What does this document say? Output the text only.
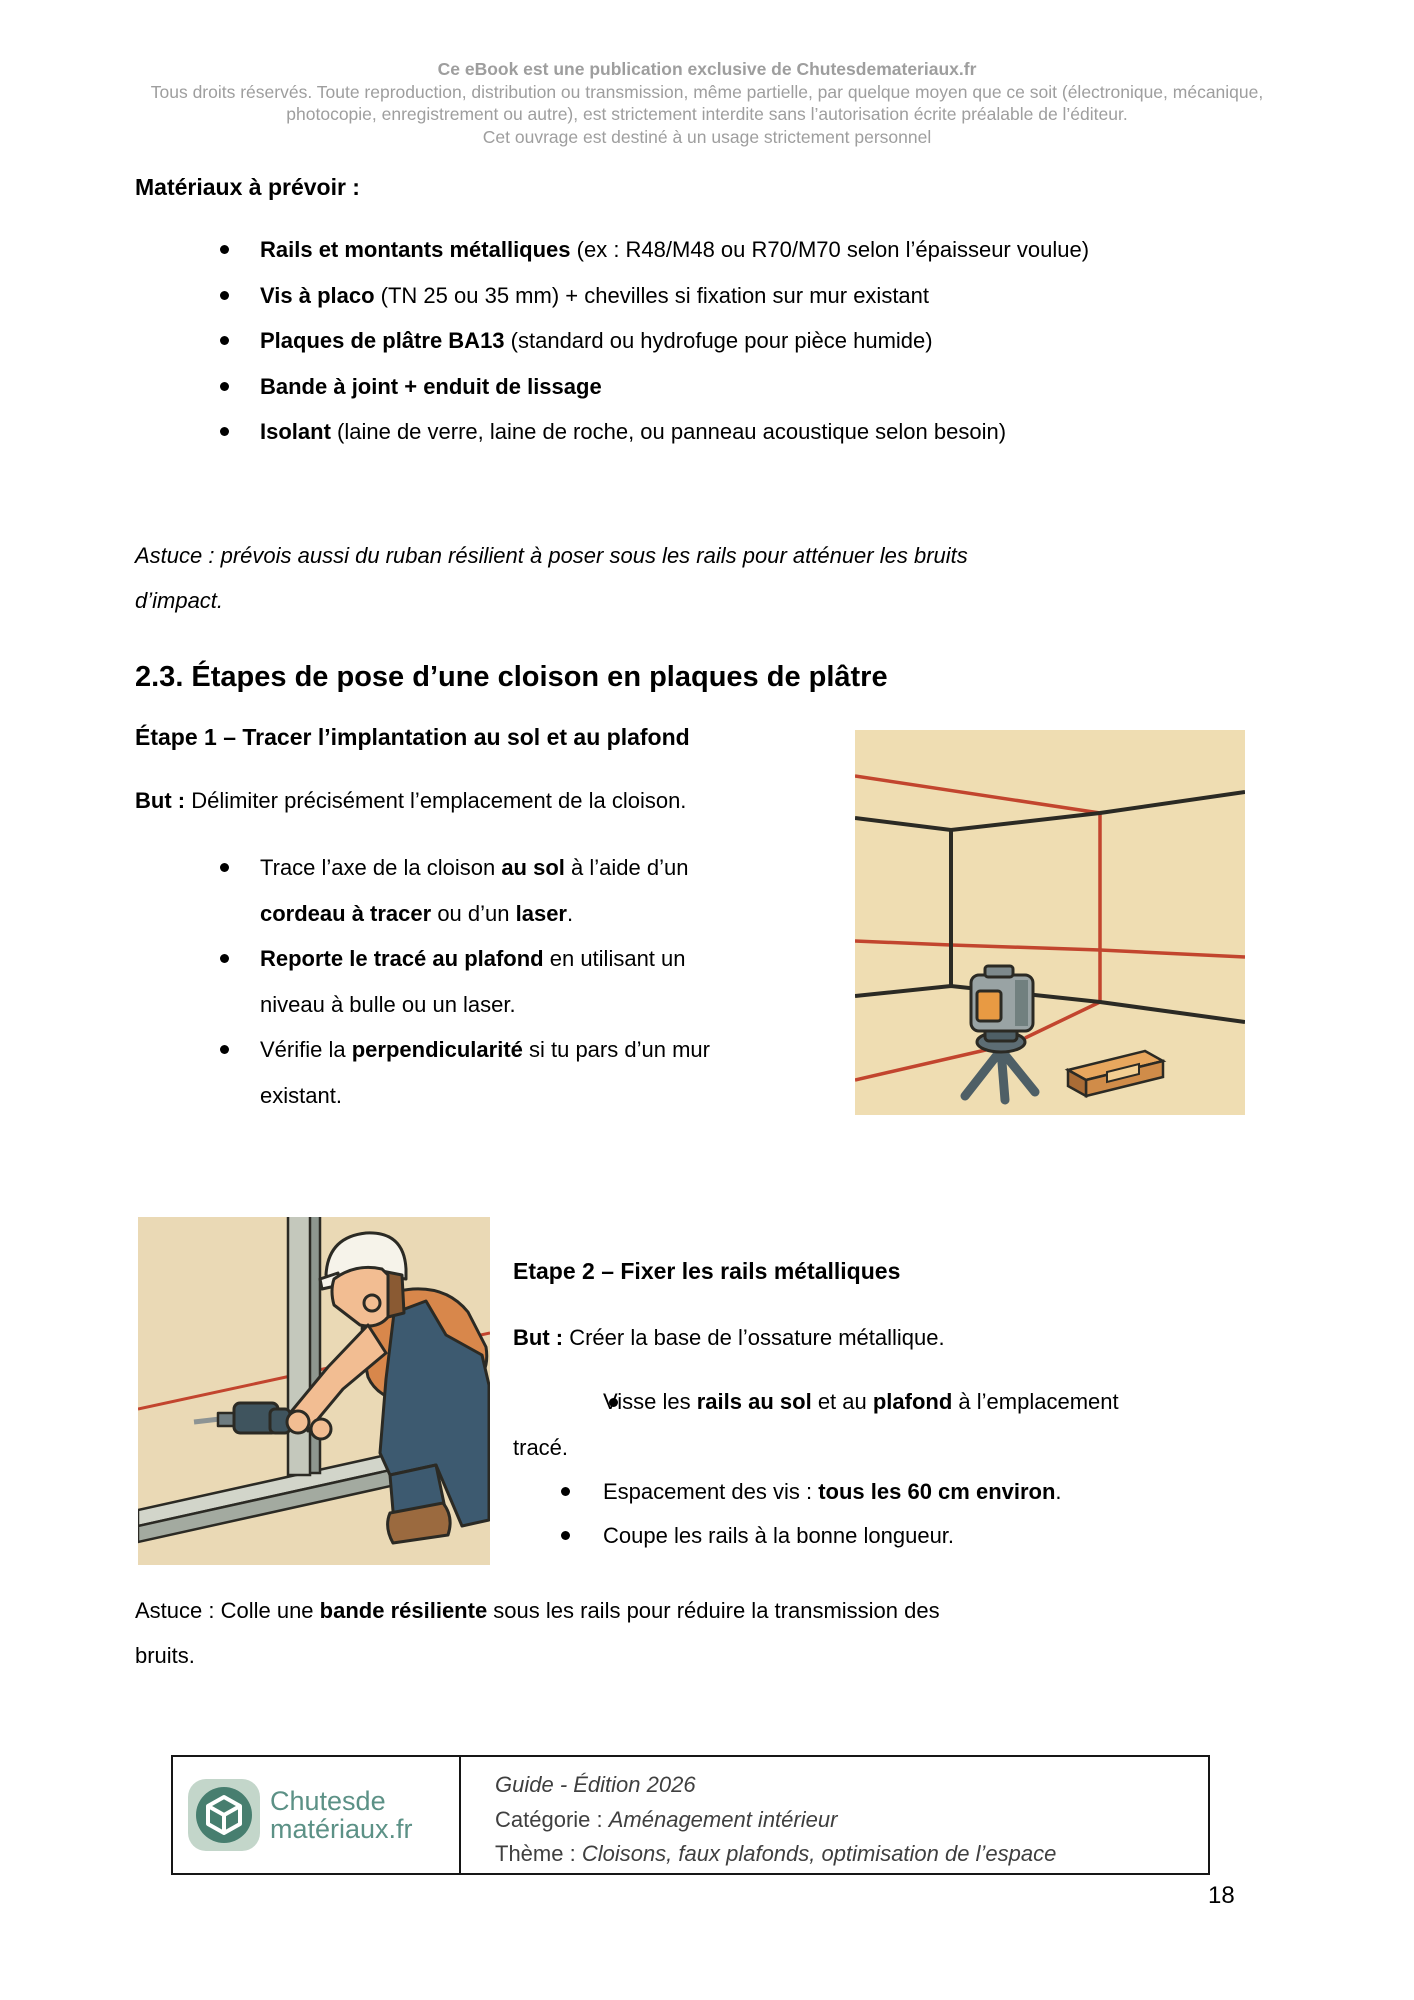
Ce eBook est une publication exclusive de Chutesdemateriaux.fr
Tous droits réservés. Toute reproduction, distribution ou transmission, même partielle, par quelque moyen que ce soit (électronique, mécanique,
photocopie, enregistrement ou autre), est strictement interdite sans l’autorisation écrite préalable de l’éditeur.
Cet ouvrage est destiné à un usage strictement personnel
Matériaux à prévoir :
Rails et montants métalliques (ex : R48/M48 ou R70/M70 selon l’épaisseur voulue)
Vis à placo (TN 25 ou 35 mm) + chevilles si fixation sur mur existant
Plaques de plâtre BA13 (standard ou hydrofuge pour pièce humide)
Bande à joint + enduit de lissage
Isolant (laine de verre, laine de roche, ou panneau acoustique selon besoin)

Astuce : prévois aussi du ruban résilient à poser sous les rails pour atténuer les bruits
d’impact.

2.3. Étapes de pose d’une cloison en plaques de plâtre
Étape 1 – Tracer l’implantation au sol et au plafond

But : Délimiter précisément l’emplacement de la cloison.

Trace l’axe de la cloison au sol à l’aide d’un
cordeau à tracer ou d’un laser.
Reporte le tracé au plafond en utilisant un
niveau à bulle ou un laser.
Vérifie la perpendicularité si tu pars d’un mur
existant.
Etape 2 – Fixer les rails métalliques

But : Créer la base de l’ossature métallique.

Visse les rails au sol et au plafond à l’emplacement
tracé.

Espacement des vis : tous les 60 cm environ.
Coupe les rails à la bonne longueur.

Astuce : Colle une bande résiliente sous les rails pour réduire la transmission des
bruits.

Chutesde
matériaux.fr
Guide - Édition 2026
Catégorie : Aménagement intérieur
Thème : Cloisons, faux plafonds, optimisation de l’espace
18
